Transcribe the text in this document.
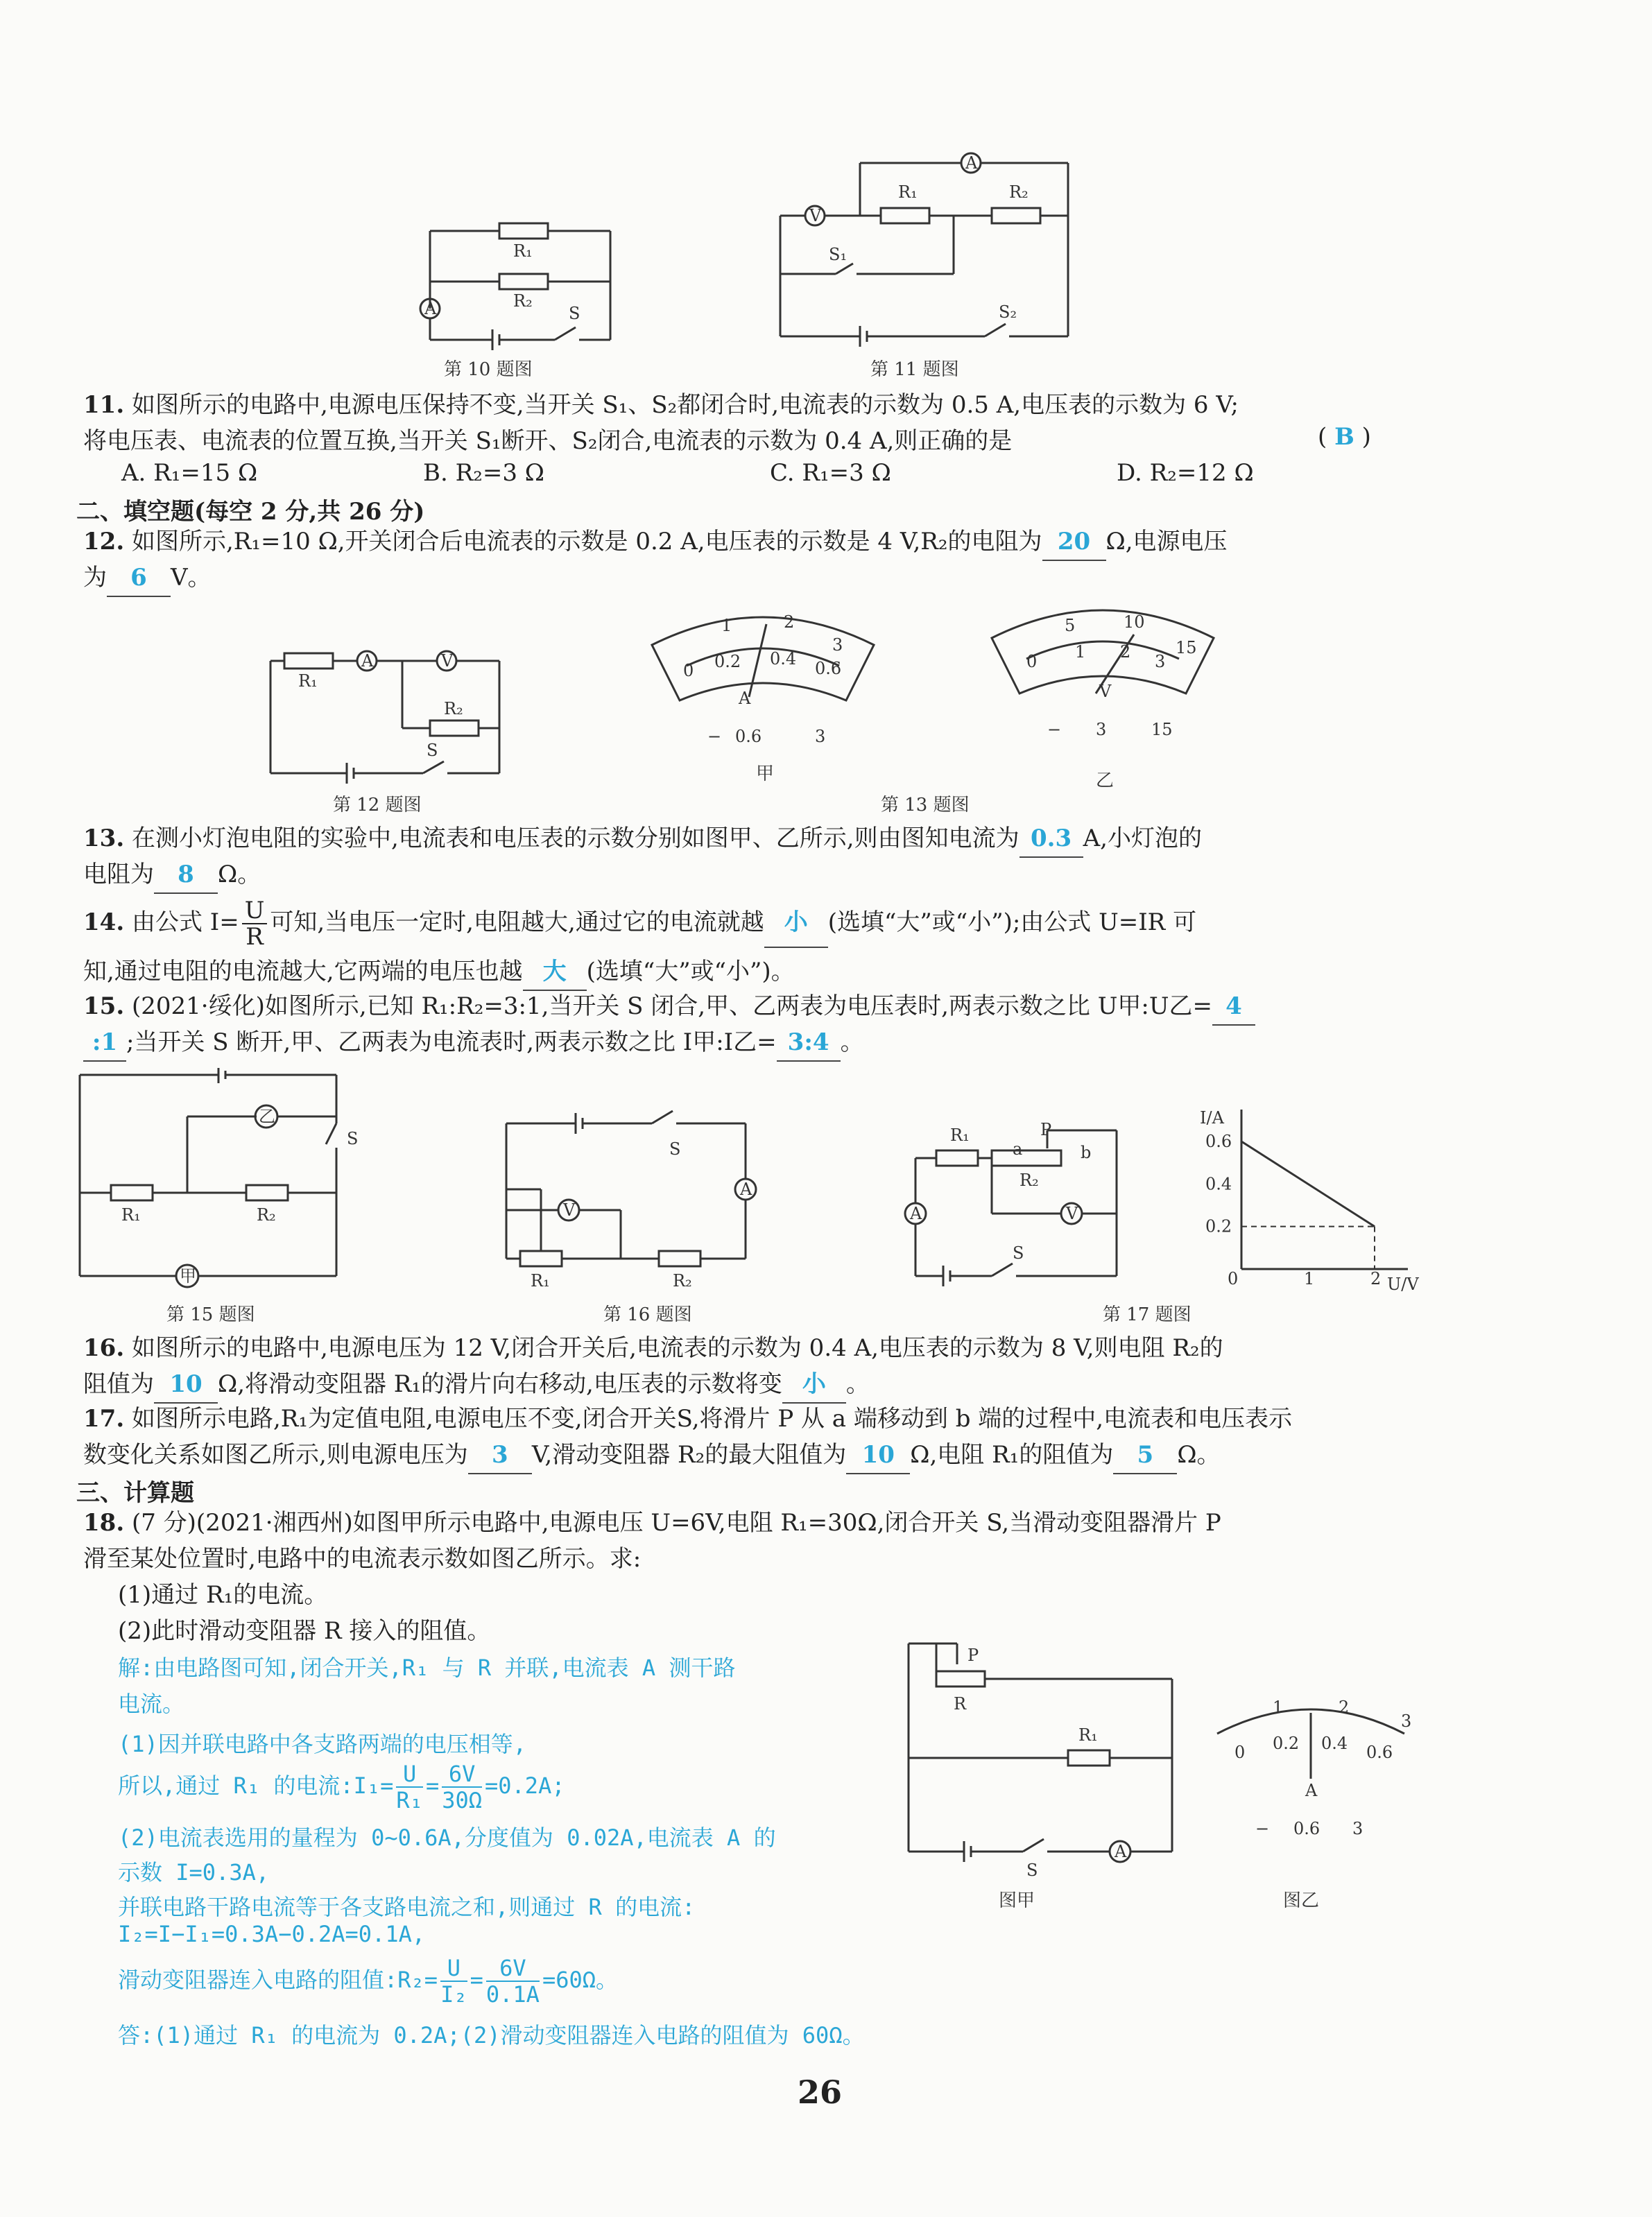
R₁
R₂
A	S
第 10 题图
A
V
R₁	R₂
S₁
S₂
第 11 题图
11. 如图所示的电路中,电源电压保持不变,当开关 S₁、S₂都闭合时,电流表的示数为 0.5 A,电压表的示数为 6 V;
将电压表、电流表的位置互换,当开关 S₁断开、S₂闭合,电流表的示数为 0.4 A,则正确的是	( B )
A. R₁=15 Ω	B. R₂=3 Ω	C. R₁=3 Ω	D. R₂=12 Ω
二、填空题(每空 2 分,共 26 分)
12. 如图所示,R₁=10 Ω,开关闭合后电流表的示数是 0.2 A,电压表的示数是 4 V,R₂的电阻为 20 Ω,电源电压
为 6 V。
R₁
A	V
R₂
S
第 12 题图
1	2
3
0 0.2 0.4 0.6
A
− 0.6	3
甲
5	10
15
0 1 2 3
V
− 3	15
乙
第 13 题图
13. 在测小灯泡电阻的实验中,电流表和电压表的示数分别如图甲、乙所示,则由图知电流为 0.3 A,小灯泡的
电阻为 8 Ω。
14. 由公式 $I= \frac{U}{R}$ 可知,当电压一定时,电阻越大,通过它的电流就越 小 (选填“大”或“小”);由公式 U=IR 可
知,通过电阻的电流越大,它两端的电压也越 大 (选填“大”或“小”)。
15. (2021·绥化)如图所示,已知 R₁:R₂=3:1,当开关 S 闭合,甲、乙两表为电压表时,两表示数之比 U甲:U乙= 4
:1 ;当开关 S 断开,甲、乙两表为电流表时,两表示数之比 I甲:I乙= 3:4 。
S
乙
R₁	R₂
甲
第 15 题图
S
A
V
R₁	R₂
第 16 题图
R₁
a
P
b
R₂
V
A
S
I/A
U/V
0	1	2
0.2
0.4
0.6
第 17 题图
16. 如图所示的电路中,电源电压为 12 V,闭合开关后,电流表的示数为 0.4 A,电压表的示数为 8 V,则电阻 R₂的
阻值为 10 Ω,将滑动变阻器 R₁的滑片向右移动,电压表的示数将变 小 。
17. 如图所示电路,R₁为定值电阻,电源电压不变,闭合开关S,将滑片 P 从 a 端移动到 b 端的过程中,电流表和电压表示
数变化关系如图乙所示,则电源电压为 3 V,滑动变阻器 R₂的最大阻值为 10 Ω,电阻 R₁的阻值为 5 Ω。
三、计算题
18. (7 分)(2021·湘西州)如图甲所示电路中,电源电压 U=6V,电阻 R₁=30Ω,闭合开关 S,当滑动变阻器滑片 P
滑至某处位置时,电路中的电流表示数如图乙所示。求:
(1)通过 R₁的电流。
(2)此时滑动变阻器 R 接入的阻值。
解:由电路图可知,闭合开关,R₁ 与 R 并联,电流表 A 测干路
电流。
(1)因并联电路中各支路两端的电压相等,
所以,通过 R₁ 的电流:I₁= $\frac{U}{\text{R₁}} = \frac{6V}{30\Omega} =0.2A$;
(2)电流表选用的量程为 0~0.6A,分度值为 0.02A,电流表 A 的
示数 I=0.3A,
并联电路干路电流等于各支路电流之和,则通过 R 的电流:
I₂=I−I₁=0.3A−0.2A=0.1A,
滑动变阻器连入电路的阻值:R₂= $\frac{U}{\text{I₂}} = \frac{6V}{0.1A} =60\Omega$。
答:(1)通过 R₁ 的电流为 0.2A;(2)滑动变阻器连入电路的阻值为 60Ω。
P
R
R₁
S
A
图甲
1	2
3
0 0.2 0.4 0.6
A
− 0.6 3
图乙
26
